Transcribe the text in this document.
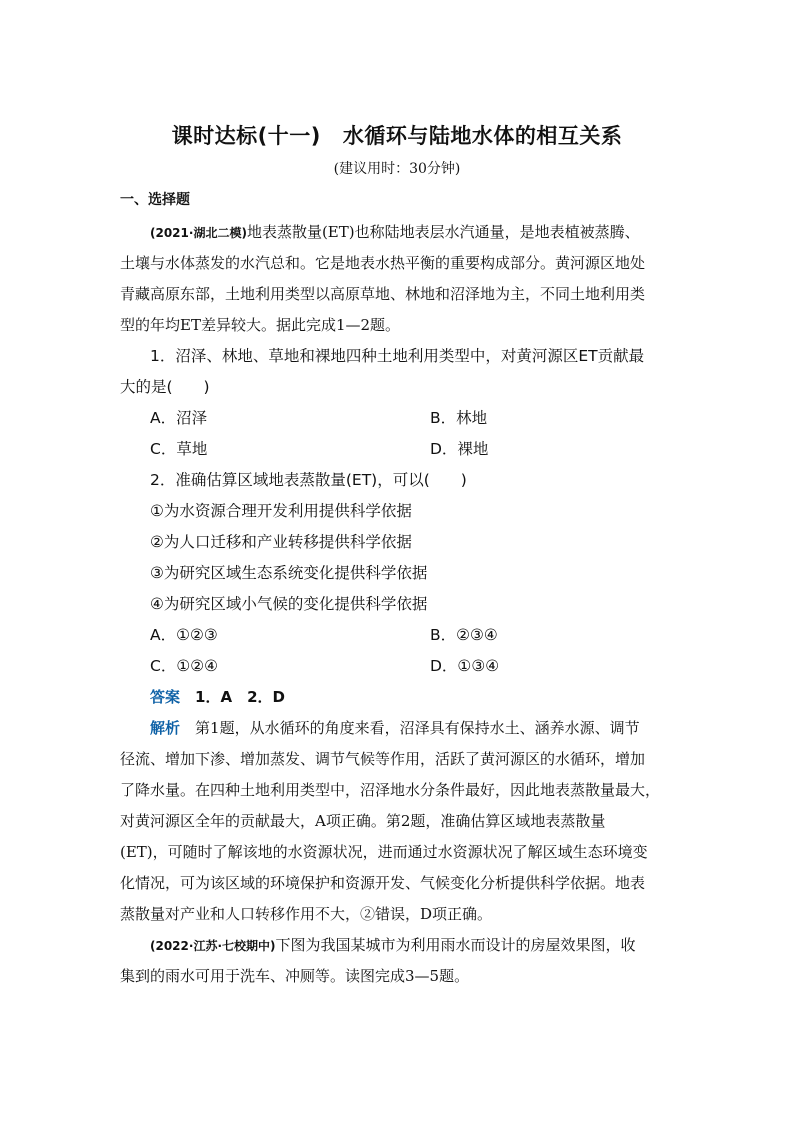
课时达标(十一) 水循环与陆地水体的相互关系
(建议用时：30分钟)
一、选择题
(2021·湖北二模)地表蒸散量(ET)也称陆地表层水汽通量，是地表植被蒸腾、
土壤与水体蒸发的水汽总和。它是地表水热平衡的重要构成部分。黄河源区地处
青藏高原东部，土地利用类型以高原草地、林地和沼泽地为主，不同土地利用类
型的年均ET差异较大。据此完成1—2题。
1．沼泽、林地、草地和裸地四种土地利用类型中，对黄河源区ET贡献最
大的是(　　)
A．沼泽	B．林地
C．草地	D．裸地
2．准确估算区域地表蒸散量(ET)，可以(　　)
①为水资源合理开发利用提供科学依据
②为人口迁移和产业转移提供科学依据
③为研究区域生态系统变化提供科学依据
④为研究区域小气候的变化提供科学依据
A．①②③	B．②③④
C．①②④	D．①③④
答案　 1．A　2．D
解析　 第1题，从水循环的角度来看，沼泽具有保持水土、涵养水源、调节
径流、增加下渗、增加蒸发、调节气候等作用，活跃了黄河源区的水循环，增加
了降水量。在四种土地利用类型中，沼泽地水分条件最好，因此地表蒸散量最大，
对黄河源区全年的贡献最大，A项正确。第2题，准确估算区域地表蒸散量
(ET)，可随时了解该地的水资源状况，进而通过水资源状况了解区域生态环境变
化情况，可为该区域的环境保护和资源开发、气候变化分析提供科学依据。地表
蒸散量对产业和人口转移作用不大，②错误，D项正确。
(2022·江苏·七校期中)下图为我国某城市为利用雨水而设计的房屋效果图，收
集到的雨水可用于洗车、冲厕等。读图完成3—5题。
